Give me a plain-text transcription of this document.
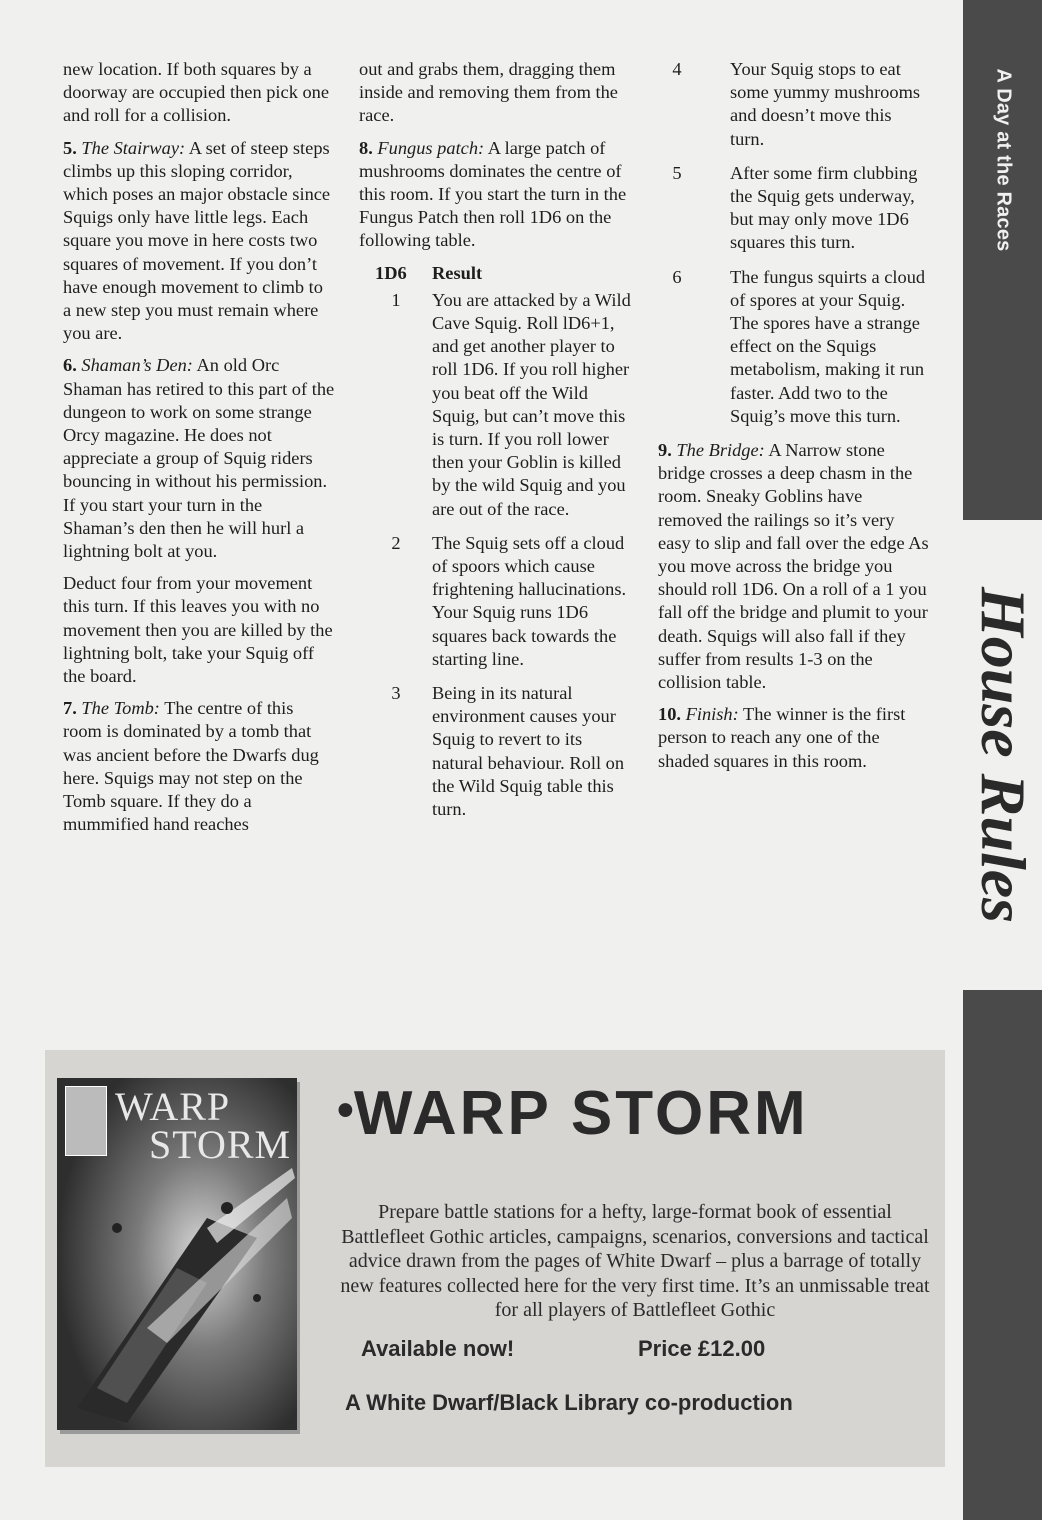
new location. If both squares by a doorway are occupied then pick one and roll for a collision.

5. The Stairway: A set of steep steps climbs up this sloping corridor, which poses an major obstacle since Squigs only have little legs. Each square you move in here costs two squares of movement. If you don’t have enough movement to climb to a new step you must remain where you are.

6. Shaman’s Den: An old Orc Shaman has retired to this part of the dungeon to work on some strange Orcy magazine. He does not appreciate a group of Squig riders bouncing in without his permission. If you start your turn in the Shaman’s den then he will hurl a lightning bolt at you.

Deduct four from your movement this turn. If this leaves you with no movement then you are killed by the lightning bolt, take your Squig off the board.

7. The Tomb: The centre of this room is dominated by a tomb that was ancient before the Dwarfs dug here. Squigs may not step on the Tomb square. If they do a mummified hand reaches

out and grabs them, dragging them inside and removing them from the race.

8. Fungus patch: A large patch of mushrooms dominates the centre of this room. If you start the turn in the Fungus Patch then roll 1D6 on the following table.

1D6	Result
1	You are attacked by a Wild Cave Squig. Roll lD6+1, and get another player to roll 1D6. If you roll higher you beat off the Wild Squig, but can’t move this is turn. If you roll lower then your Goblin is killed by the wild Squig and you are out of the race.
2	The Squig sets off a cloud of spoors which cause frightening hallucinations. Your Squig runs 1D6 squares back towards the starting line.
3	Being in its natural environment causes your Squig to revert to its natural behaviour. Roll on the Wild Squig table this turn.
4	Your Squig stops to eat some yummy mushrooms and doesn’t move this turn.
5	After some firm clubbing the Squig gets underway, but may only move 1D6 squares this turn.
6	The fungus squirts a cloud of spores at your Squig. The spores have a strange effect on the Squigs metabolism, making it run faster. Add two to the Squig’s move this turn.

9. The Bridge: A Narrow stone bridge crosses a deep chasm in the room. Sneaky Goblins have removed the railings so it’s very easy to slip and fall over the edge As you move across the bridge you should roll 1D6. On a roll of a 1 you fall off the bridge and plumit to your death. Squigs will also fall if they suffer from results 1-3 on the collision table.

10. Finish: The winner is the first person to reach any one of the shaded squares in this room.

A Day at the Races
House Rules
WARP
STORM
•WARP STORM
Prepare battle stations for a hefty, large-format book of essential Battlefleet Gothic articles, campaigns, scenarios, conversions and tactical advice drawn from the pages of White Dwarf – plus a barrage of totally new features collected here for the very first time. It’s an unmissable treat for all players of Battlefleet Gothic
Available now!	Price £12.00
A White Dwarf/Black Library co-production
